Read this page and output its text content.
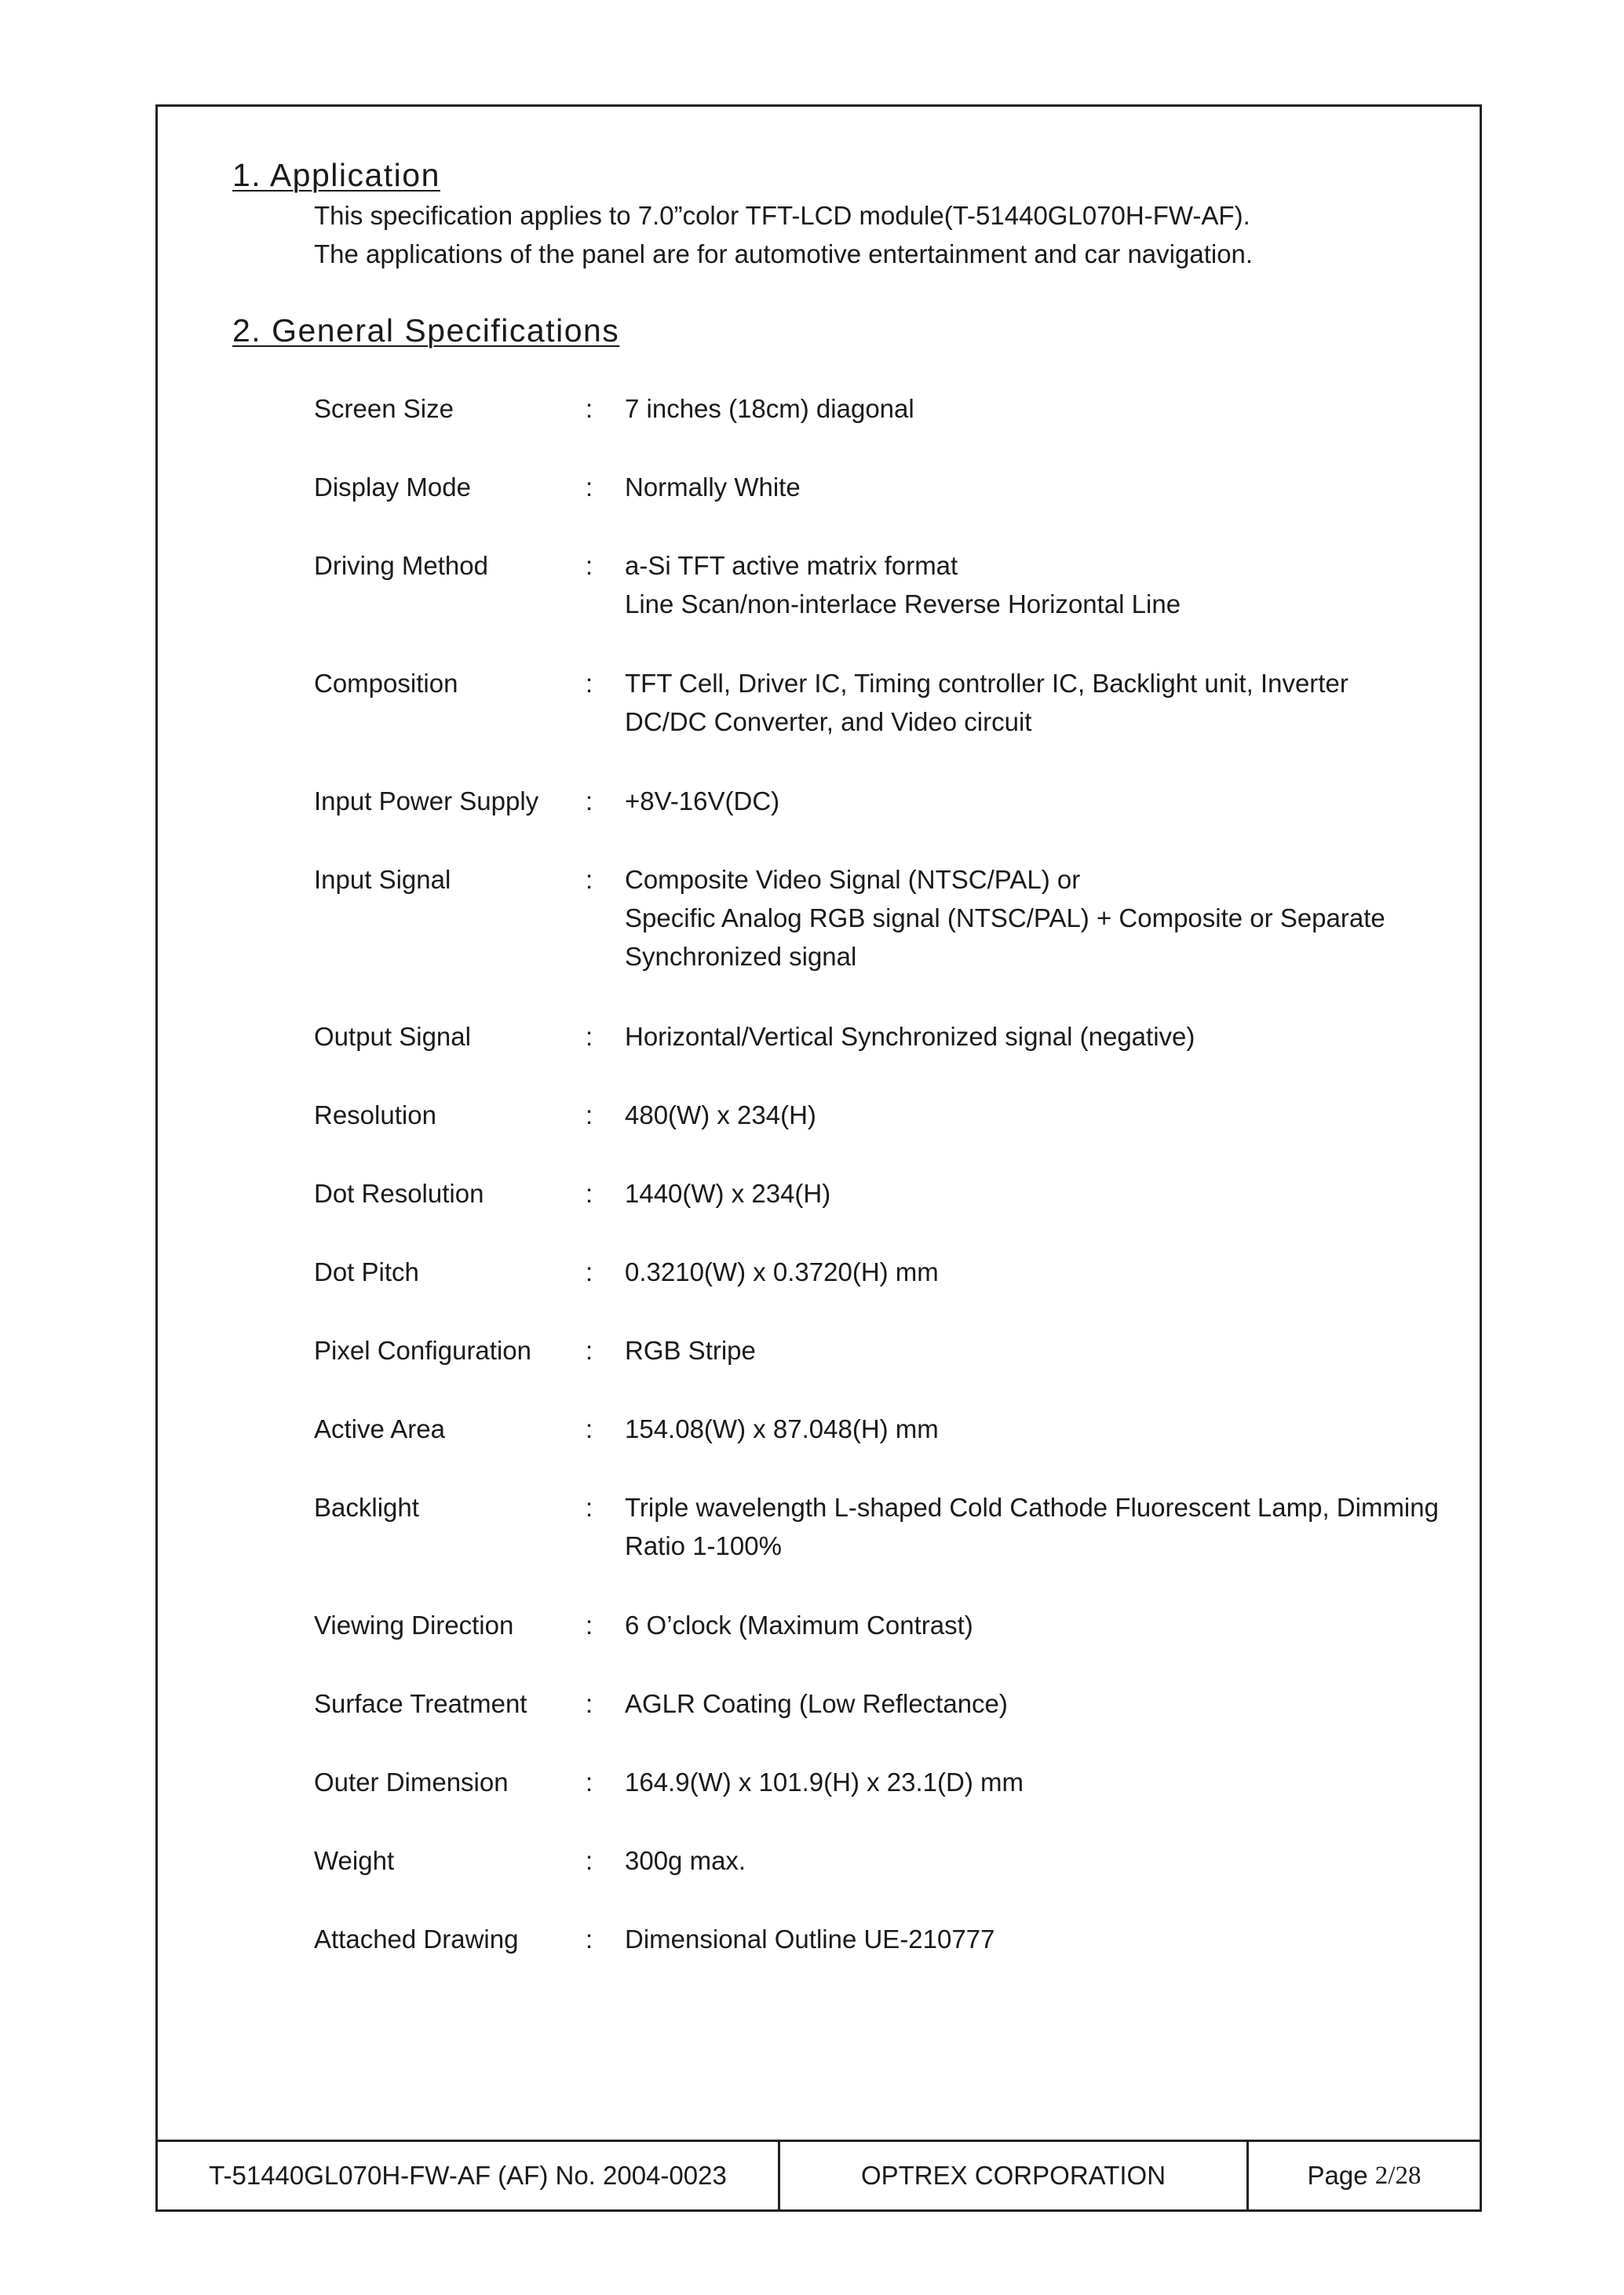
1. Application

This specification applies to 7.0”color TFT-LCD module(T-51440GL070H-FW-AF).

The applications of the panel are for automotive entertainment and car navigation.

2. General Specifications
Screen Size	: 7 inches (18cm) diagonal
Display Mode	: Normally White
Driving Method	: a-Si TFT active matrix format
Line Scan/non-interlace Reverse Horizontal Line
Composition	: TFT Cell, Driver IC, Timing controller IC, Backlight unit, Inverter
DC/DC Converter, and Video circuit
Input Power Supply : +8V-16V(DC)
Input Signal	: Composite Video Signal (NTSC/PAL) or
Specific Analog RGB signal (NTSC/PAL) + Composite or Separate
Synchronized signal
Output Signal	: Horizontal/Vertical Synchronized signal (negative)
Resolution	: 480(W) x 234(H)
Dot Resolution	: 1440(W) x 234(H)
Dot Pitch	: 0.3210(W) x 0.3720(H) mm
Pixel Configuration : RGB Stripe
Active Area	: 154.08(W) x 87.048(H) mm
Backlight	: Triple wavelength L-shaped Cold Cathode Fluorescent Lamp, Dimming
Ratio 1-100%
Viewing Direction	: 6 O’clock (Maximum Contrast)
Surface Treatment : AGLR Coating (Low Reflectance)
Outer Dimension	: 164.9(W) x 101.9(H) x 23.1(D) mm
Weight	: 300g max.
Attached Drawing	: Dimensional Outline UE-210777
T-51440GL070H-FW-AF (AF) No. 2004-0023	OPTREX CORPORATION	Page
2/28
